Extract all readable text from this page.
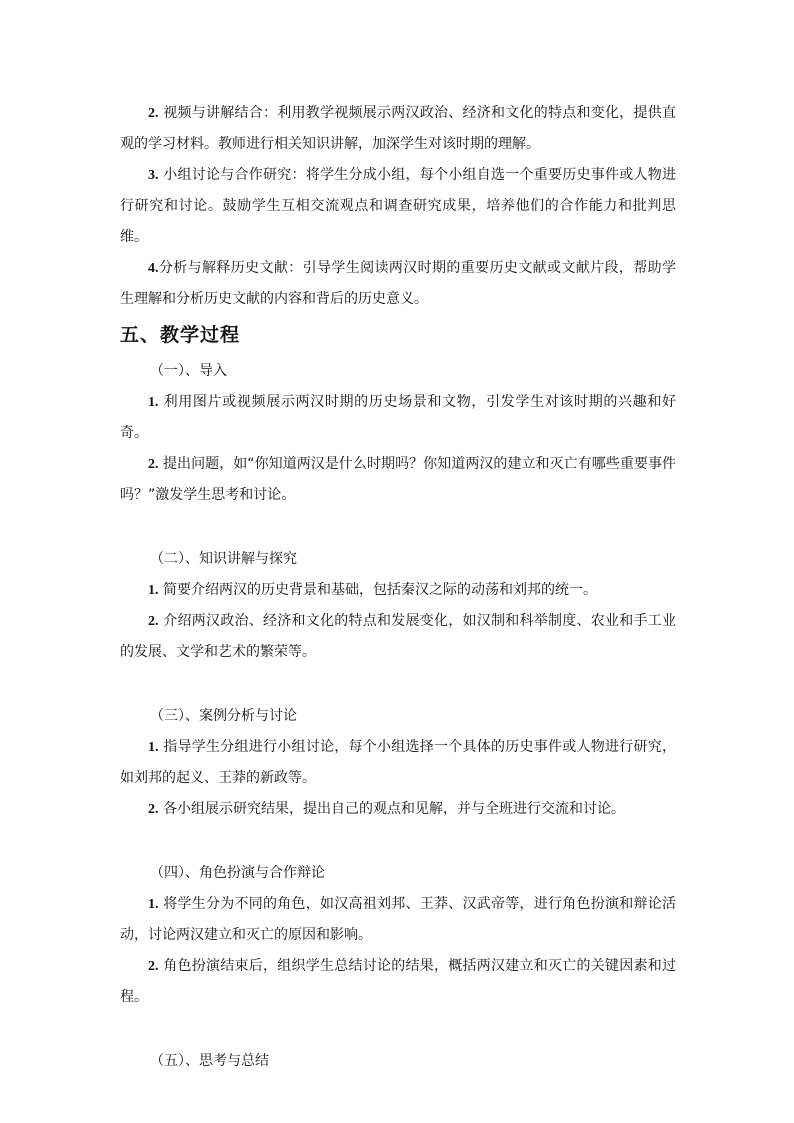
2. 视频与讲解结合：利用教学视频展示两汉政治、经济和文化的特点和变化，提供直观的学习材料。教师进行相关知识讲解，加深学生对该时期的理解。

3. 小组讨论与合作研究：将学生分成小组，每个小组自选一个重要历史事件或人物进行研究和讨论。鼓励学生互相交流观点和调查研究成果，培养他们的合作能力和批判思维。

4.分析与解释历史文献：引导学生阅读两汉时期的重要历史文献或文献片段，帮助学生理解和分析历史文献的内容和背后的历史意义。

五、教学过程

（一）、导入

1. 利用图片或视频展示两汉时期的历史场景和文物，引发学生对该时期的兴趣和好奇。

2. 提出问题，如“你知道两汉是什么时期吗？你知道两汉的建立和灭亡有哪些重要事件吗？”激发学生思考和讨论。

（二）、知识讲解与探究

1. 简要介绍两汉的历史背景和基础，包括秦汉之际的动荡和刘邦的统一。

2. 介绍两汉政治、经济和文化的特点和发展变化，如汉制和科举制度、农业和手工业的发展、文学和艺术的繁荣等。

（三）、案例分析与讨论

1. 指导学生分组进行小组讨论，每个小组选择一个具体的历史事件或人物进行研究，如刘邦的起义、王莽的新政等。

2. 各小组展示研究结果，提出自己的观点和见解，并与全班进行交流和讨论。

（四）、角色扮演与合作辩论

1. 将学生分为不同的角色，如汉高祖刘邦、王莽、汉武帝等，进行角色扮演和辩论活动，讨论两汉建立和灭亡的原因和影响。

2. 角色扮演结束后，组织学生总结讨论的结果，概括两汉建立和灭亡的关键因素和过程。

（五）、思考与总结
